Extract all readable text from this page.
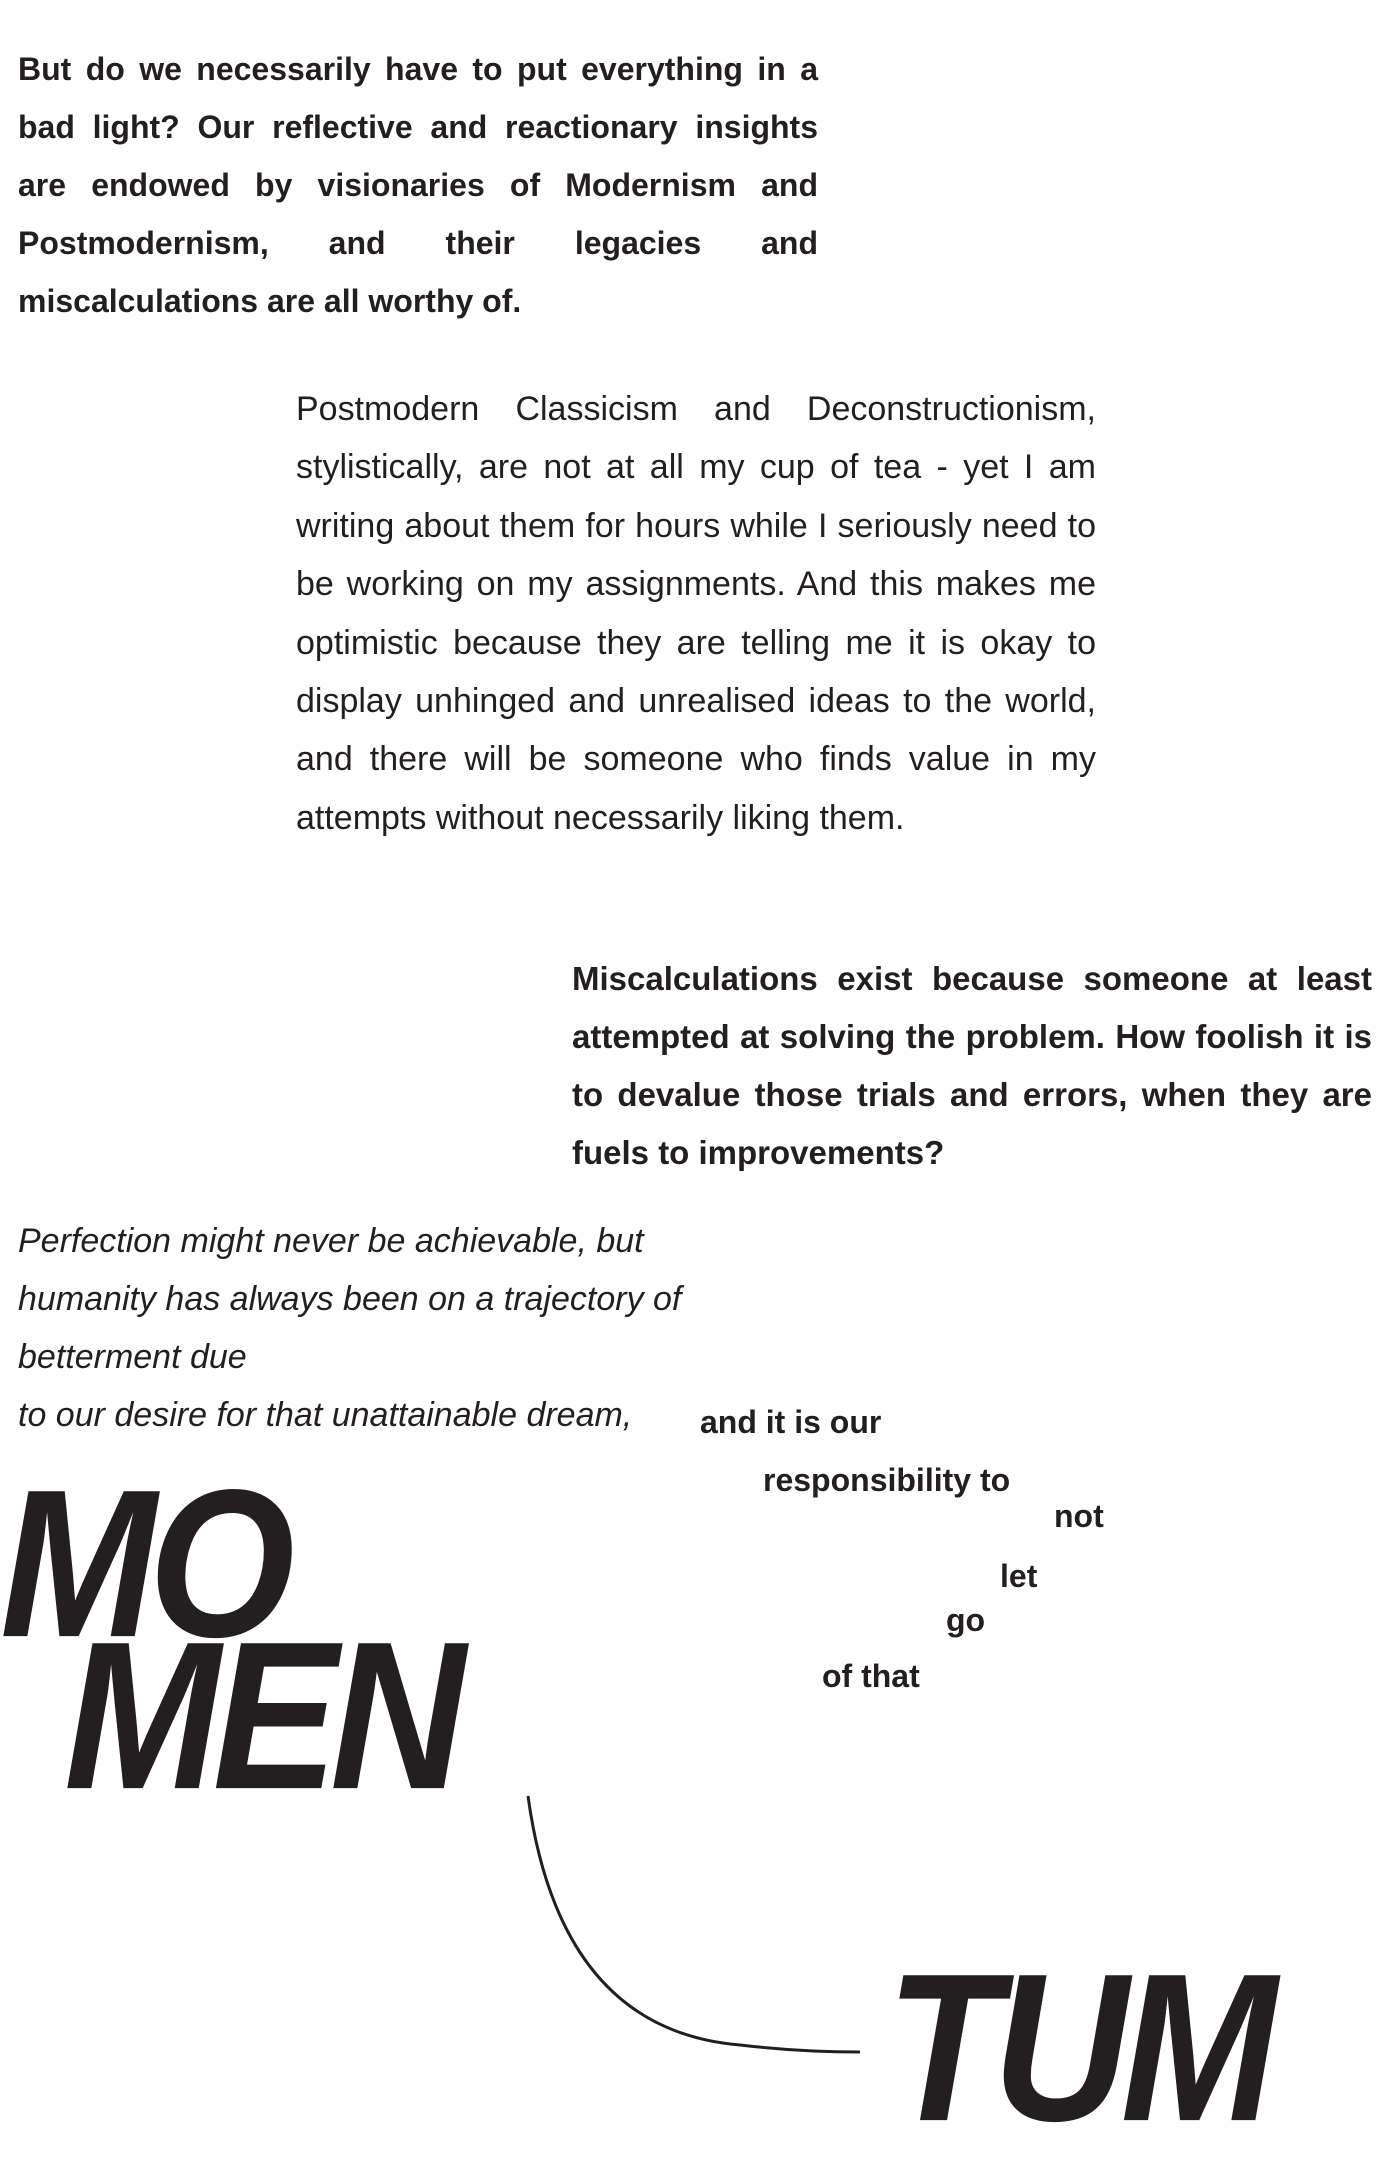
But do we necessarily have to put everything in a bad light? Our reflective and reactionary insights are endowed by visionaries of Modernism and Postmodernism, and their legacies and miscalculations are all worthy of.

Postmodern Classicism and Deconstructionism, stylistically, are not at all my cup of tea - yet I am writing about them for hours while I seriously need to be working on my assignments. And this makes me optimistic because they are telling me it is okay to display unhinged and unrealised ideas to the world, and there will be someone who finds value in my attempts without necessarily liking them.

Miscalculations exist because someone at least attempted at solving the problem. How foolish it is to devalue those trials and errors, when they are fuels to improvements?

Perfection might never be achievable, but
humanity has always been on a trajectory of
betterment due
to our desire for that unattainable dream,	and it is our
responsibility to
not
let
go
of that
MO
MEN
TUM
